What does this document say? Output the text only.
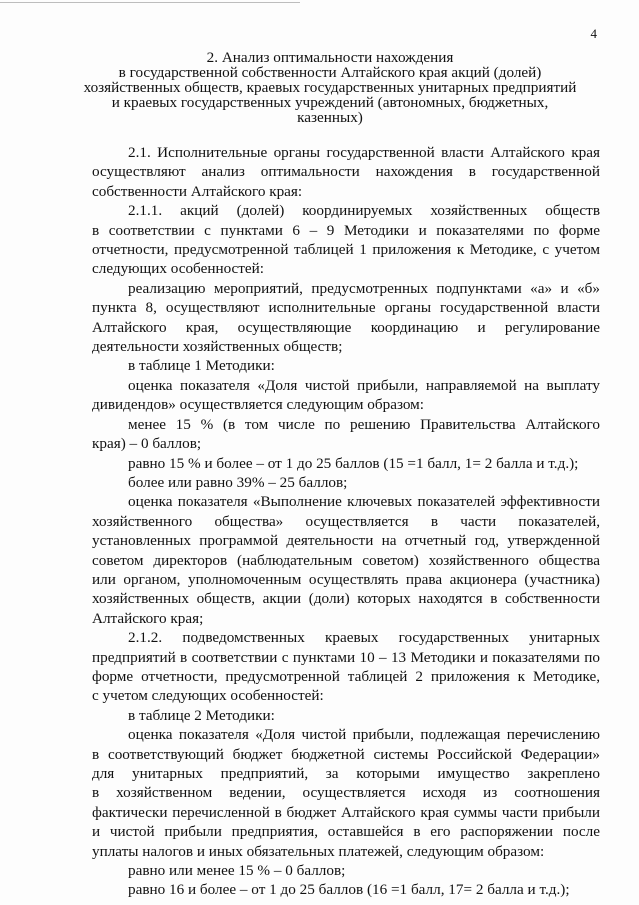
4
2. Анализ оптимальности нахождения
в государственной собственности Алтайского края акций (долей)
хозяйственных обществ, краевых государственных унитарных предприятий
и краевых государственных учреждений (автономных, бюджетных,
казенных)
2.1. Исполнительные органы государственной власти Алтайского края
осуществляют анализ оптимальности нахождения в государственной
собственности Алтайского края:
2.1.1. акций (долей) координируемых хозяйственных обществ
в соответствии с пунктами 6 – 9 Методики и показателями по форме
отчетности, предусмотренной таблицей 1 приложения к Методике, с учетом
следующих особенностей:
реализацию мероприятий, предусмотренных подпунктами «а» и «б»
пункта 8, осуществляют исполнительные органы государственной власти
Алтайского края, осуществляющие координацию и регулирование
деятельности хозяйственных обществ;
в таблице 1 Методики:
оценка показателя «Доля чистой прибыли, направляемой на выплату
дивидендов» осуществляется следующим образом:
менее 15 % (в том числе по решению Правительства Алтайского
края) – 0 баллов;
равно 15 % и более – от 1 до 25 баллов (15 =1 балл, 1= 2 балла и т.д.);
более или равно 39% – 25 баллов;
оценка показателя «Выполнение ключевых показателей эффективности
хозяйственного общества» осуществляется в части показателей,
установленных программой деятельности на отчетный год, утвержденной
советом директоров (наблюдательным советом) хозяйственного общества
или органом, уполномоченным осуществлять права акционера (участника)
хозяйственных обществ, акции (доли) которых находятся в собственности
Алтайского края;
2.1.2. подведомственных краевых государственных унитарных
предприятий в соответствии с пунктами 10 – 13 Методики и показателями по
форме отчетности, предусмотренной таблицей 2 приложения к Методике,
с учетом следующих особенностей:
в таблице 2 Методики:
оценка показателя «Доля чистой прибыли, подлежащая перечислению
в соответствующий бюджет бюджетной системы Российской Федерации»
для унитарных предприятий, за которыми имущество закреплено
в хозяйственном ведении, осуществляется исходя из соотношения
фактически перечисленной в бюджет Алтайского края суммы части прибыли
и чистой прибыли предприятия, оставшейся в его распоряжении после
уплаты налогов и иных обязательных платежей, следующим образом:
равно или менее 15 % – 0 баллов;
равно 16 и более – от 1 до 25 баллов (16 =1 балл, 17= 2 балла и т.д.);
